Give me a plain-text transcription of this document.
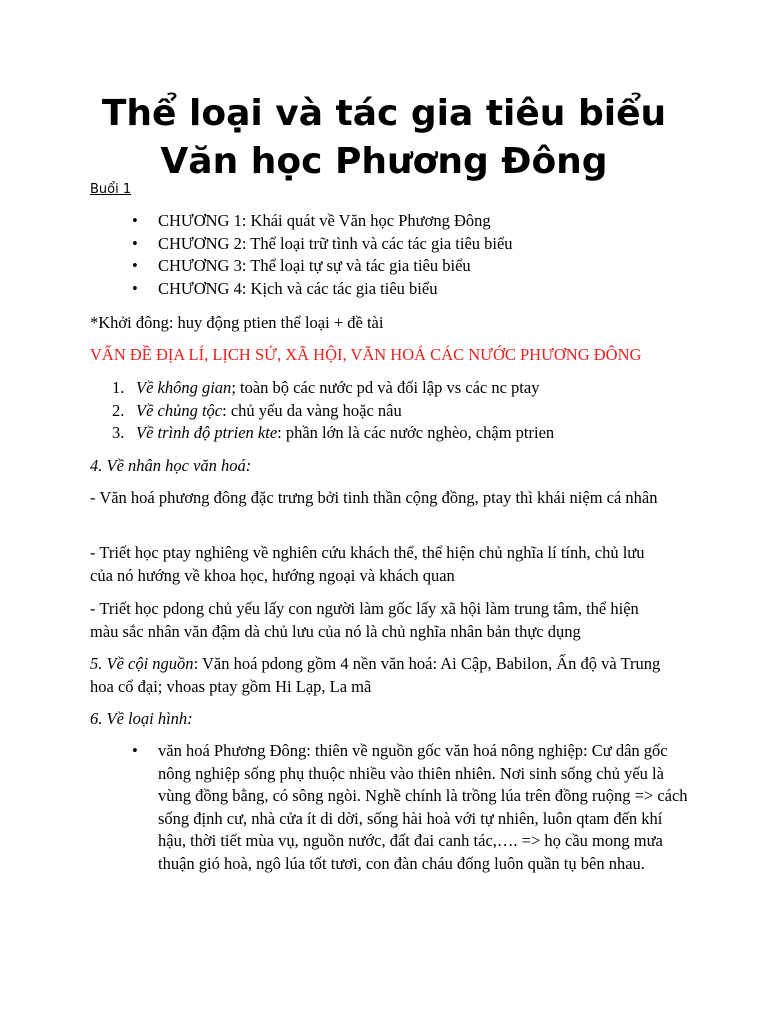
Thể loại và tác gia tiêu biểu
Văn học Phương Đông
Buổi 1
• CHƯƠNG 1: Khái quát về Văn học Phương Đông
• CHƯƠNG 2: Thể loại trữ tình và các tác gia tiêu biểu
• CHƯƠNG 3: Thể loại tự sự và tác gia tiêu biểu
• CHƯƠNG 4: Kịch và các tác gia tiêu biểu

*Khởi đông: huy động ptien thể loại + đề tài

VẤN ĐỀ ĐỊA LÍ, LỊCH SỬ, XÃ HỘI, VĂN HOÁ CÁC NƯỚC PHƯƠNG ĐÔNG

1. Về không gian; toàn bộ các nước pd và đối lập vs các nc ptay
2. Về chủng tộc: chủ yếu da vàng hoặc nâu
3. Về trình độ ptrien kte: phần lớn là các nước nghèo, chậm ptrien

4. Về nhân học văn hoá:

- Văn hoá phương đông đặc trưng bởi tinh thần cộng đồng, ptay thì khái niệm cá nhân

- Triết học ptay nghiêng về nghiên cứu khách thể, thể hiện chủ nghĩa lí tính, chủ lưu của nó hướng về khoa học, hướng ngoại và khách quan

- Triết học pdong chủ yếu lấy con người làm gốc lấy xã hội làm trung tâm, thể hiện màu sắc nhân văn đậm dà chủ lưu của nó là chủ nghĩa nhân bản thực dụng

5. Về cội nguồn: Văn hoá pdong gồm 4 nền văn hoá: Ai Cập, Babilon, Ấn độ và Trung hoa cổ đại; vhoas ptay gồm Hi Lạp, La mã

6. Về loại hình:

• văn hoá Phương Đông: thiên về nguồn gốc văn hoá nông nghiệp: Cư dân gốc nông nghiệp sống phụ thuộc nhiều vào thiên nhiên. Nơi sinh sống chủ yếu là vùng đồng bằng, có sông ngòi. Nghề chính là trồng lúa trên đồng ruộng => cách sống định cư, nhà cửa ít di dời, sống hài hoà với tự nhiên, luôn qtam đến khí hậu, thời tiết mùa vụ, nguồn nước, đất đai canh tác,…. => họ cầu mong mưa thuận gió hoà, ngô lúa tốt tươi, con đàn cháu đống luôn quần tụ bên nhau.
